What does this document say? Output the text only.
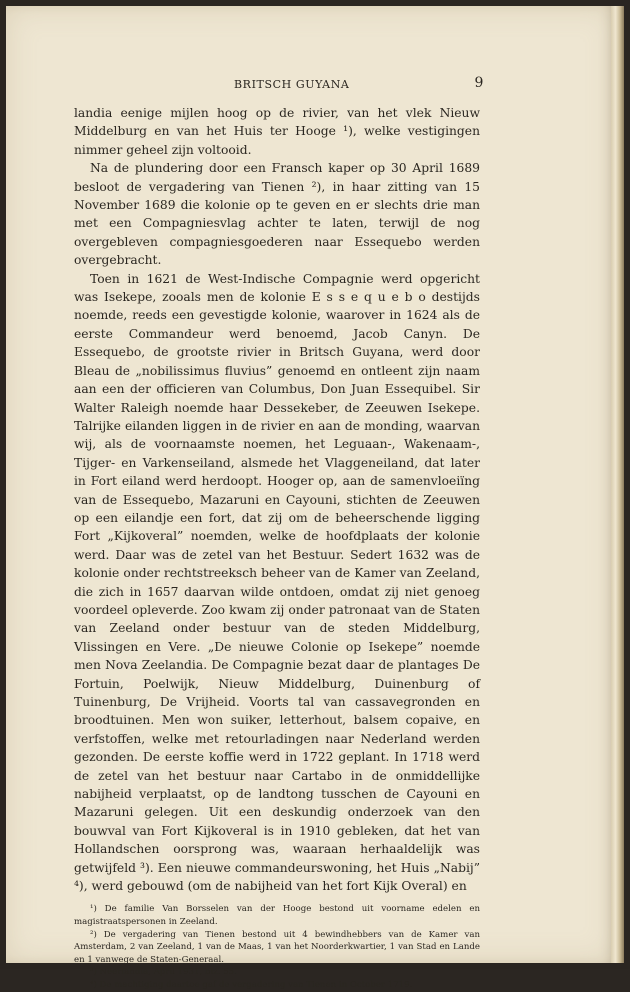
BRITSCH GUYANA	9

landia eenige mijlen hoog op de rivier, van het vlek Nieuw Middelburg en van het Huis ter Hooge ¹), welke vestigingen nimmer geheel zijn voltooid.

Na de plundering door een Fransch kaper op 30 April 1689 besloot de vergadering van Tienen ²), in haar zitting van 15 November 1689 die kolonie op te geven en er slechts drie man met een Compagniesvlag achter te laten, terwijl de nog overgebleven compagniesgoederen naar Essequebo werden overgebracht.

Toen in 1621 de West-Indische Compagnie werd opgericht was Isekepe, zooals men de kolonie E s s e q u e b o destijds noemde, reeds een gevestigde kolonie, waarover in 1624 als de eerste Commandeur werd benoemd, Jacob Canyn. De Essequebo, de grootste rivier in Britsch Guyana, werd door Bleau de „nobilissimus fluvius” genoemd en ontleent zijn naam aan een der officieren van Columbus, Don Juan Essequibel. Sir Walter Raleigh noemde haar Dessekeber, de Zeeuwen Isekepe. Talrijke eilanden liggen in de rivier en aan de monding, waarvan wij, als de voornaamste noemen, het Leguaan-, Wakenaam-, Tijger- en Varkenseiland, alsmede het Vlaggeneiland, dat later in Fort eiland werd herdoopt. Hooger op, aan de samenvloeiïng van de Essequebo, Mazaruni en Cayouni, stichten de Zeeuwen op een eilandje een fort, dat zij om de beheerschende ligging Fort „Kijkoveral” noemden, welke de hoofdplaats der kolonie werd. Daar was de zetel van het Bestuur. Sedert 1632 was de kolonie onder rechtstreeksch beheer van de Kamer van Zeeland, die zich in 1657 daarvan wilde ontdoen, omdat zij niet genoeg voordeel opleverde. Zoo kwam zij onder patronaat van de Staten van Zeeland onder bestuur van de steden Middelburg, Vlissingen en Vere. „De nieuwe Colonie op Isekepe” noemde men Nova Zeelandia. De Compagnie bezat daar de plantages De Fortuin, Poelwijk, Nieuw Middelburg, Duinenburg of Tuinenburg, De Vrijheid. Voorts tal van cassavegronden en broodtuinen. Men won suiker, letterhout, balsem copaive, en verfstoffen, welke met retourladingen naar Nederland werden gezonden. De eerste koffie werd in 1722 geplant. In 1718 werd de zetel van het bestuur naar Cartabo in de onmiddellijke nabijheid verplaatst, op de landtong tusschen de Cayouni en Mazaruni gelegen. Uit een deskundig onderzoek van den bouwval van Fort Kijkoveral is in 1910 gebleken, dat het van Hollandschen oorsprong was, waaraan herhaaldelijk was getwijfeld ³). Een nieuwe commandeurswoning, het Huis „Nabij” ⁴), werd gebouwd (om de nabijheid van het fort Kijk Overal) en

¹) De familie Van Borsselen van der Hooge bestond uit voorname edelen en magistraatspersonen in Zeeland.

²) De vergadering van Tienen bestond uit 4 bewindhebbers van de Kamer van Amsterdam, 2 van Zeeland, 1 van de Maas, 1 van het Noorderkwartier, 1 van Stad en Lande en 1 vanwege de Staten-Generaal.

³) Neerlandia, April 1931, blz. 55.

⁴) De machtiging daartoe gaf de vergadering van Tienen in October 1719.
